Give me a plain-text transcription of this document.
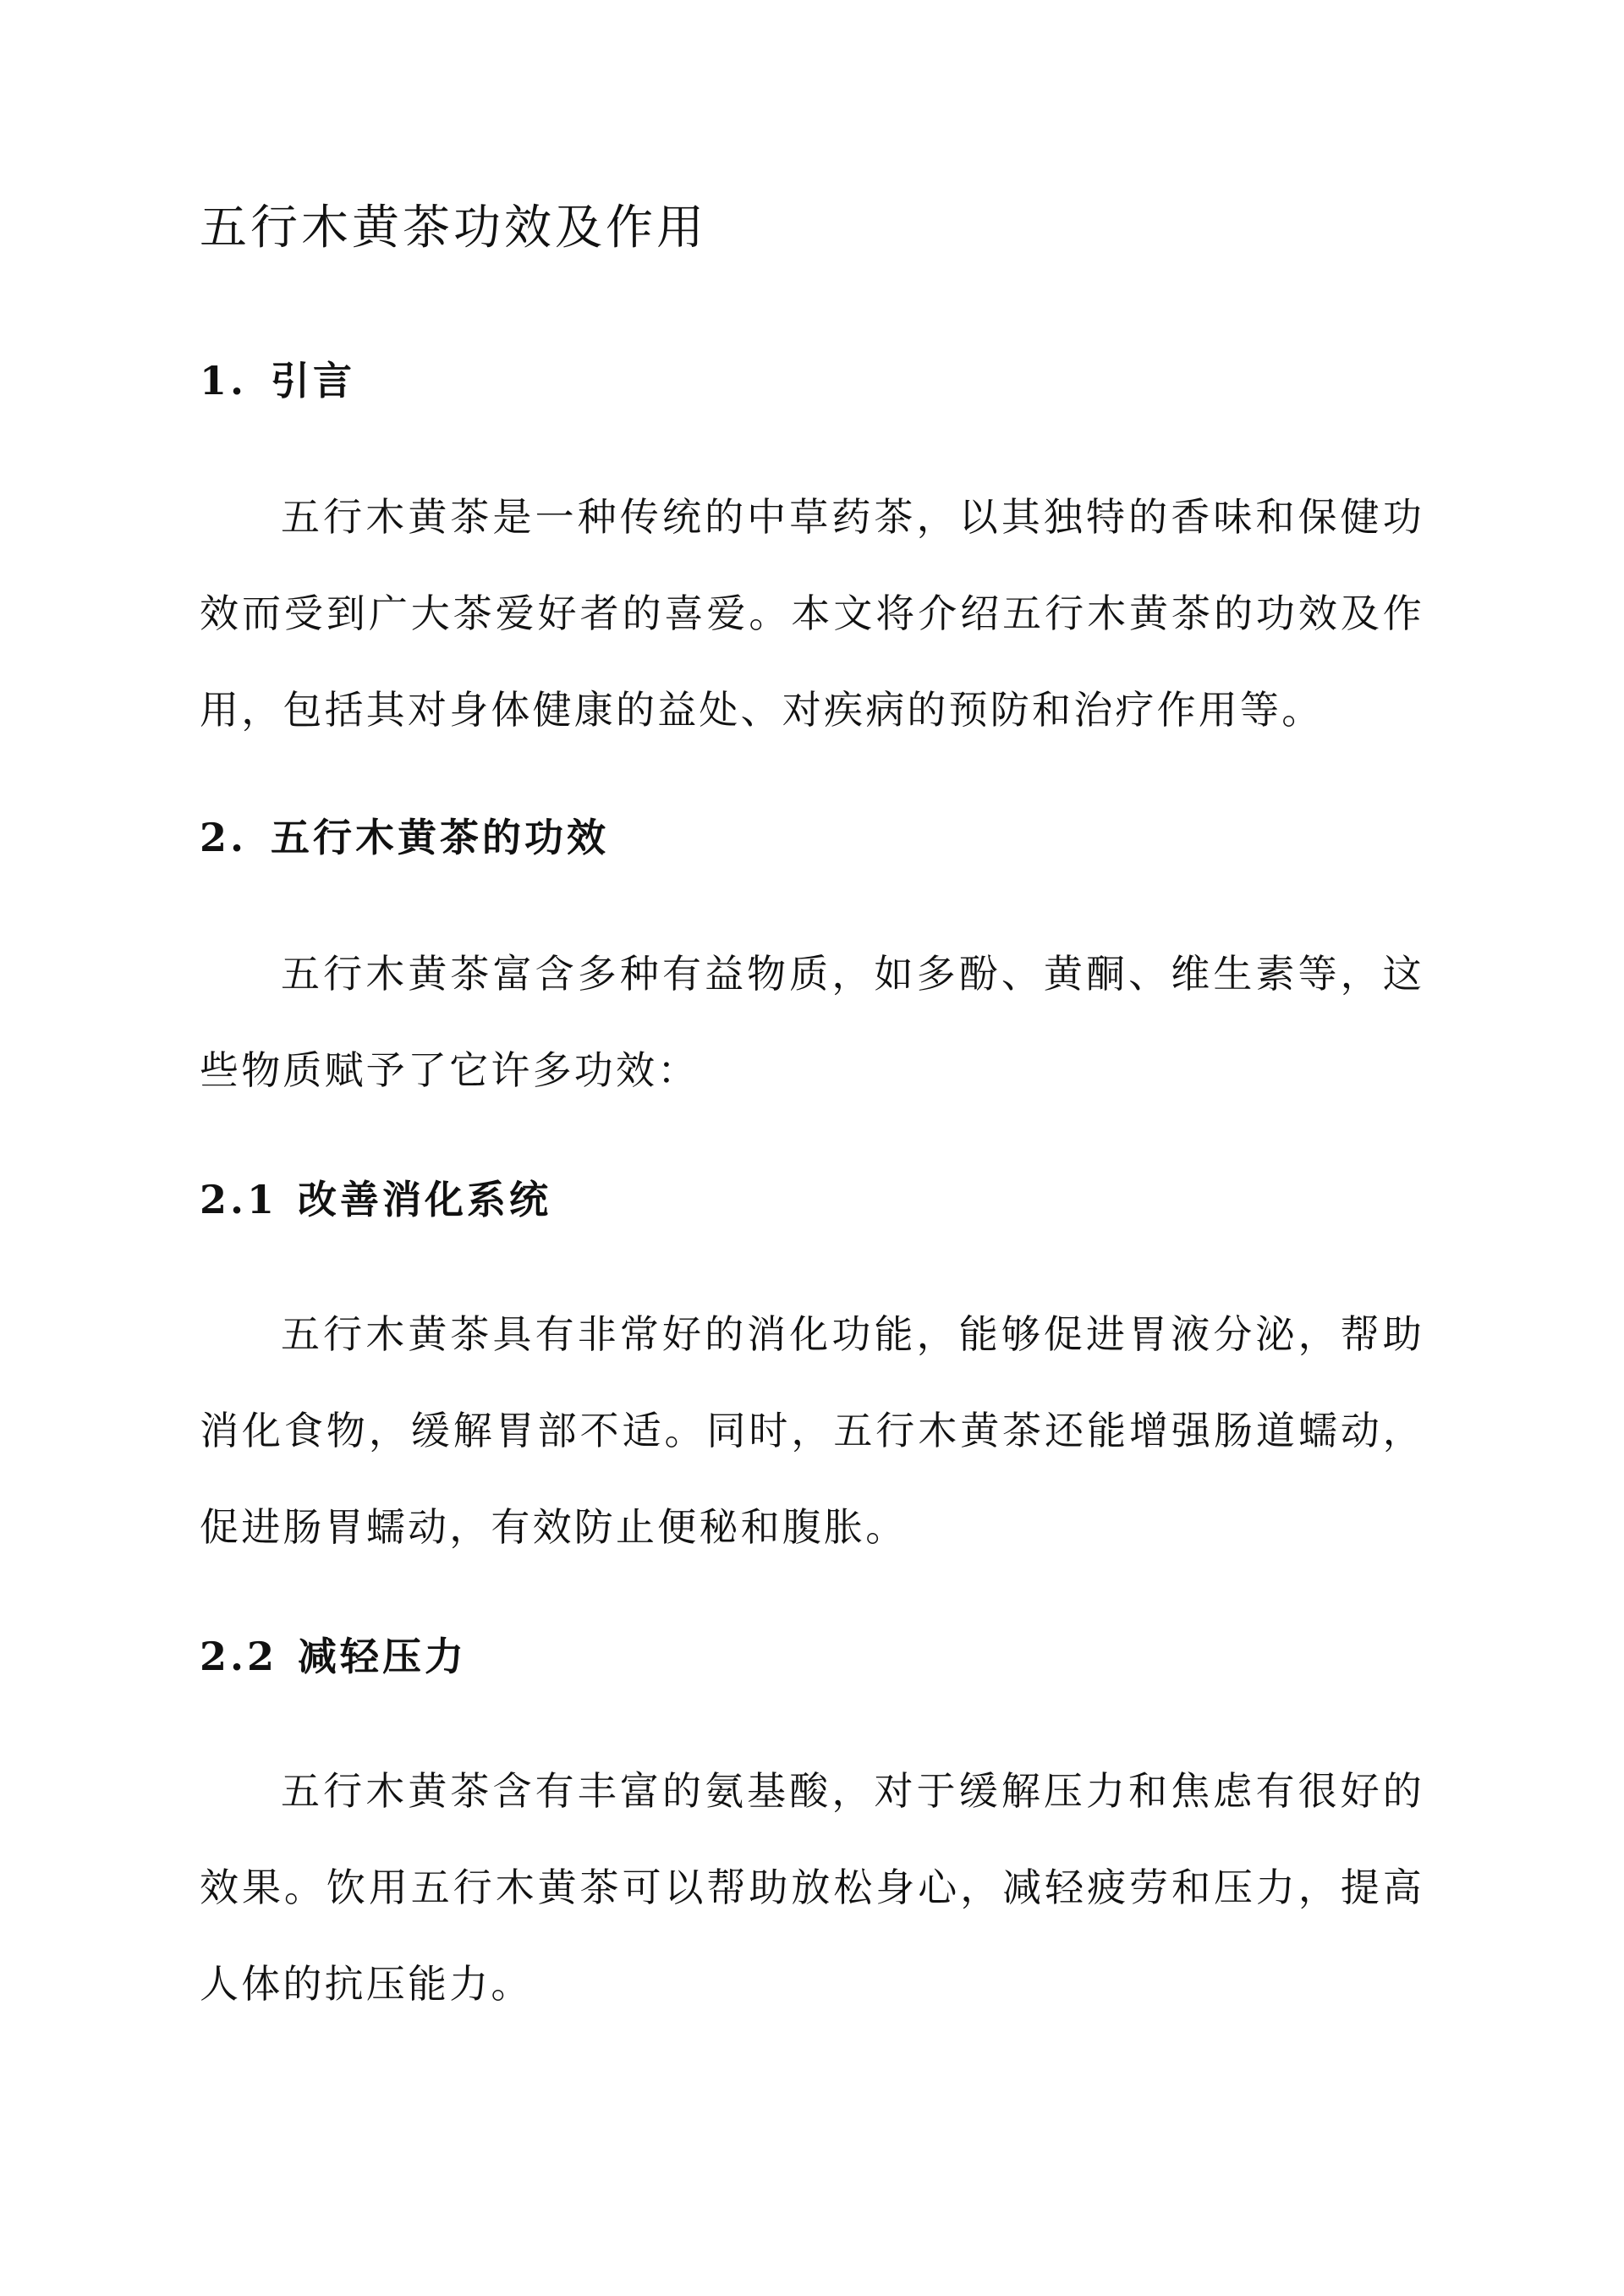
五行木黄茶功效及作用
1. 引言

五行木黄茶是一种传统的中草药茶，以其独特的香味和保健功效而受到广大茶爱好者的喜爱。本文将介绍五行木黄茶的功效及作用，包括其对身体健康的益处、对疾病的预防和治疗作用等。

2. 五行木黄茶的功效

五行木黄茶富含多种有益物质，如多酚、黄酮、维生素等，这些物质赋予了它许多功效：

2.1 改善消化系统

五行木黄茶具有非常好的消化功能，能够促进胃液分泌，帮助消化食物，缓解胃部不适。同时，五行木黄茶还能增强肠道蠕动，促进肠胃蠕动，有效防止便秘和腹胀。

2.2 减轻压力

五行木黄茶含有丰富的氨基酸，对于缓解压力和焦虑有很好的效果。饮用五行木黄茶可以帮助放松身心，减轻疲劳和压力，提高人体的抗压能力。
